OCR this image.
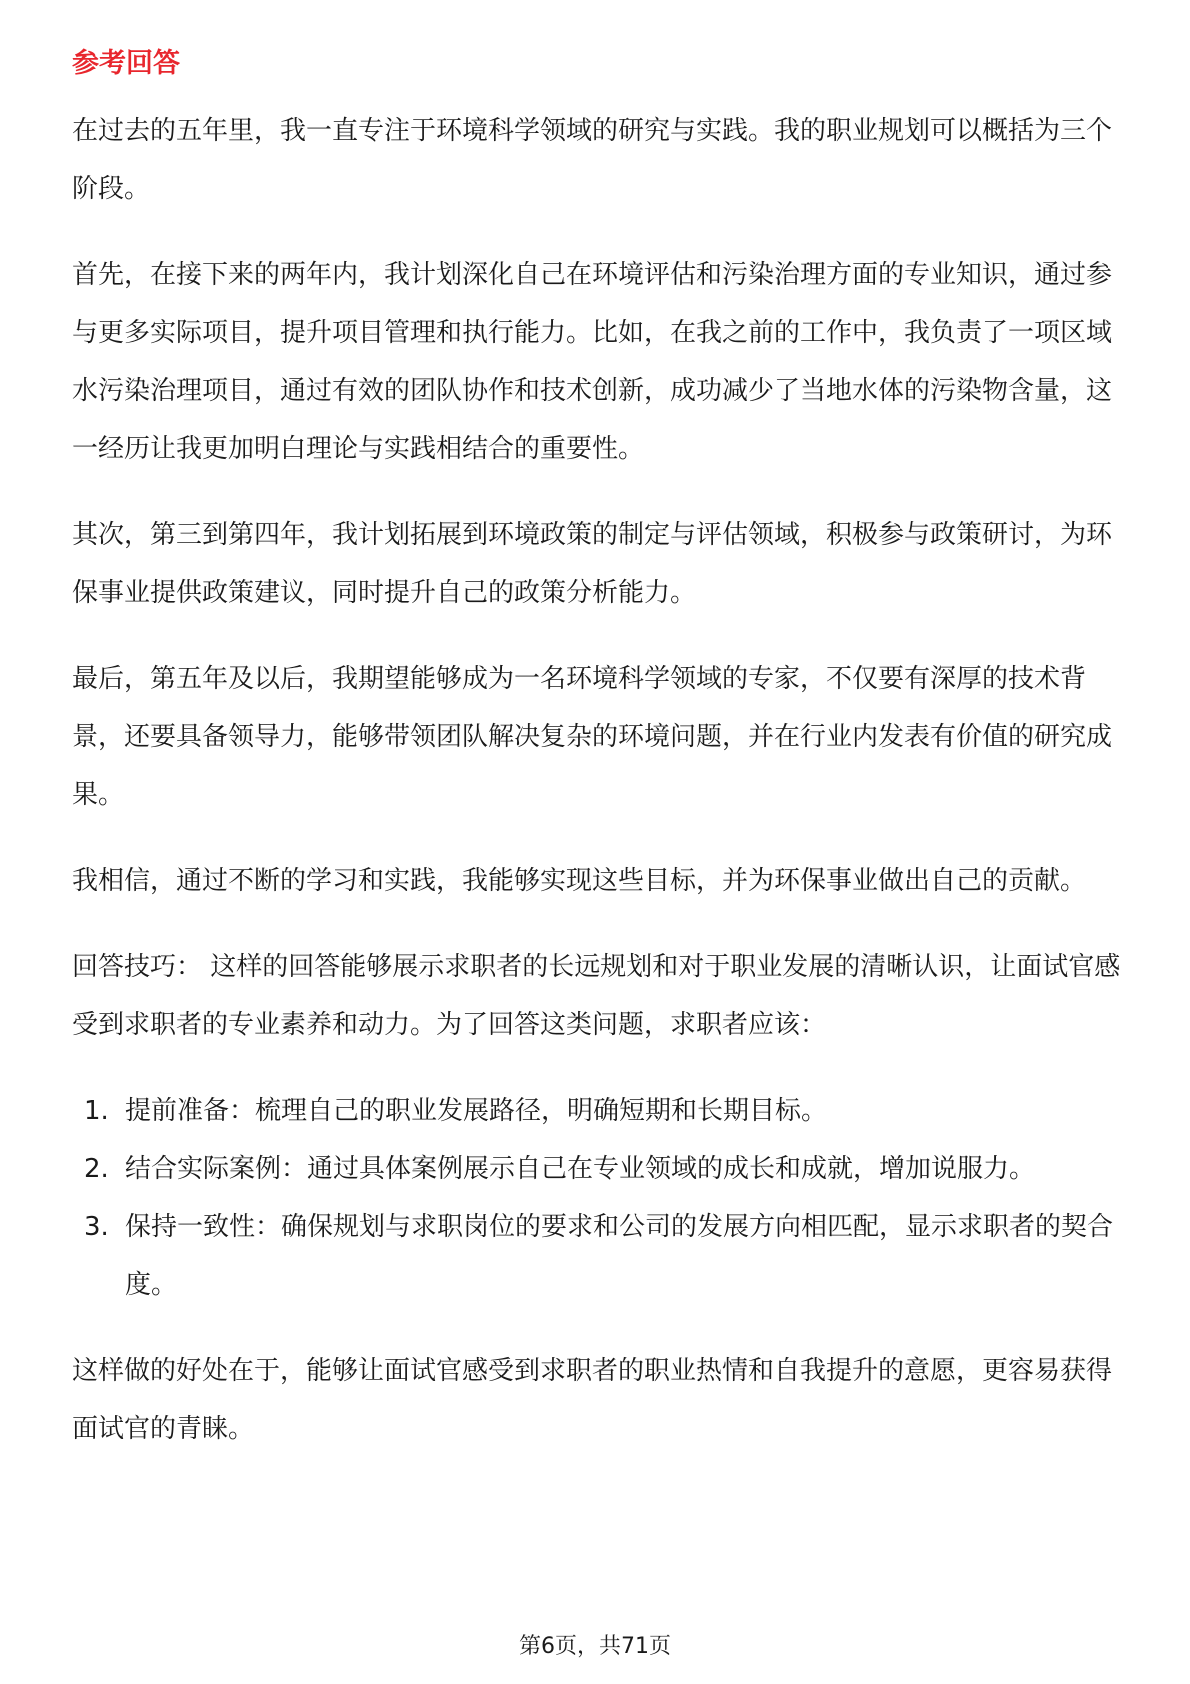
参考回答

在过去的五年里，我一直专注于环境科学领域的研究与实践。我的职业规划可以概括为三个阶段。

首先，在接下来的两年内，我计划深化自己在环境评估和污染治理方面的专业知识，通过参与更多实际项目，提升项目管理和执行能力。比如，在我之前的工作中，我负责了一项区域水污染治理项目，通过有效的团队协作和技术创新，成功减少了当地水体的污染物含量，这一经历让我更加明白理论与实践相结合的重要性。

其次，第三到第四年，我计划拓展到环境政策的制定与评估领域，积极参与政策研讨，为环保事业提供政策建议，同时提升自己的政策分析能力。

最后，第五年及以后，我期望能够成为一名环境科学领域的专家，不仅要有深厚的技术背景，还要具备领导力，能够带领团队解决复杂的环境问题，并在行业内发表有价值的研究成果。

我相信，通过不断的学习和实践，我能够实现这些目标，并为环保事业做出自己的贡献。

回答技巧： 这样的回答能够展示求职者的长远规划和对于职业发展的清晰认识，让面试官感受到求职者的专业素养和动力。为了回答这类问题，求职者应该：

1. 提前准备：梳理自己的职业发展路径，明确短期和长期目标。
2. 结合实际案例：通过具体案例展示自己在专业领域的成长和成就，增加说服力。
3. 保持一致性：确保规划与求职岗位的要求和公司的发展方向相匹配，显示求职者的契合度。

这样做的好处在于，能够让面试官感受到求职者的职业热情和自我提升的意愿，更容易获得面试官的青睐。

第6页，共71页
